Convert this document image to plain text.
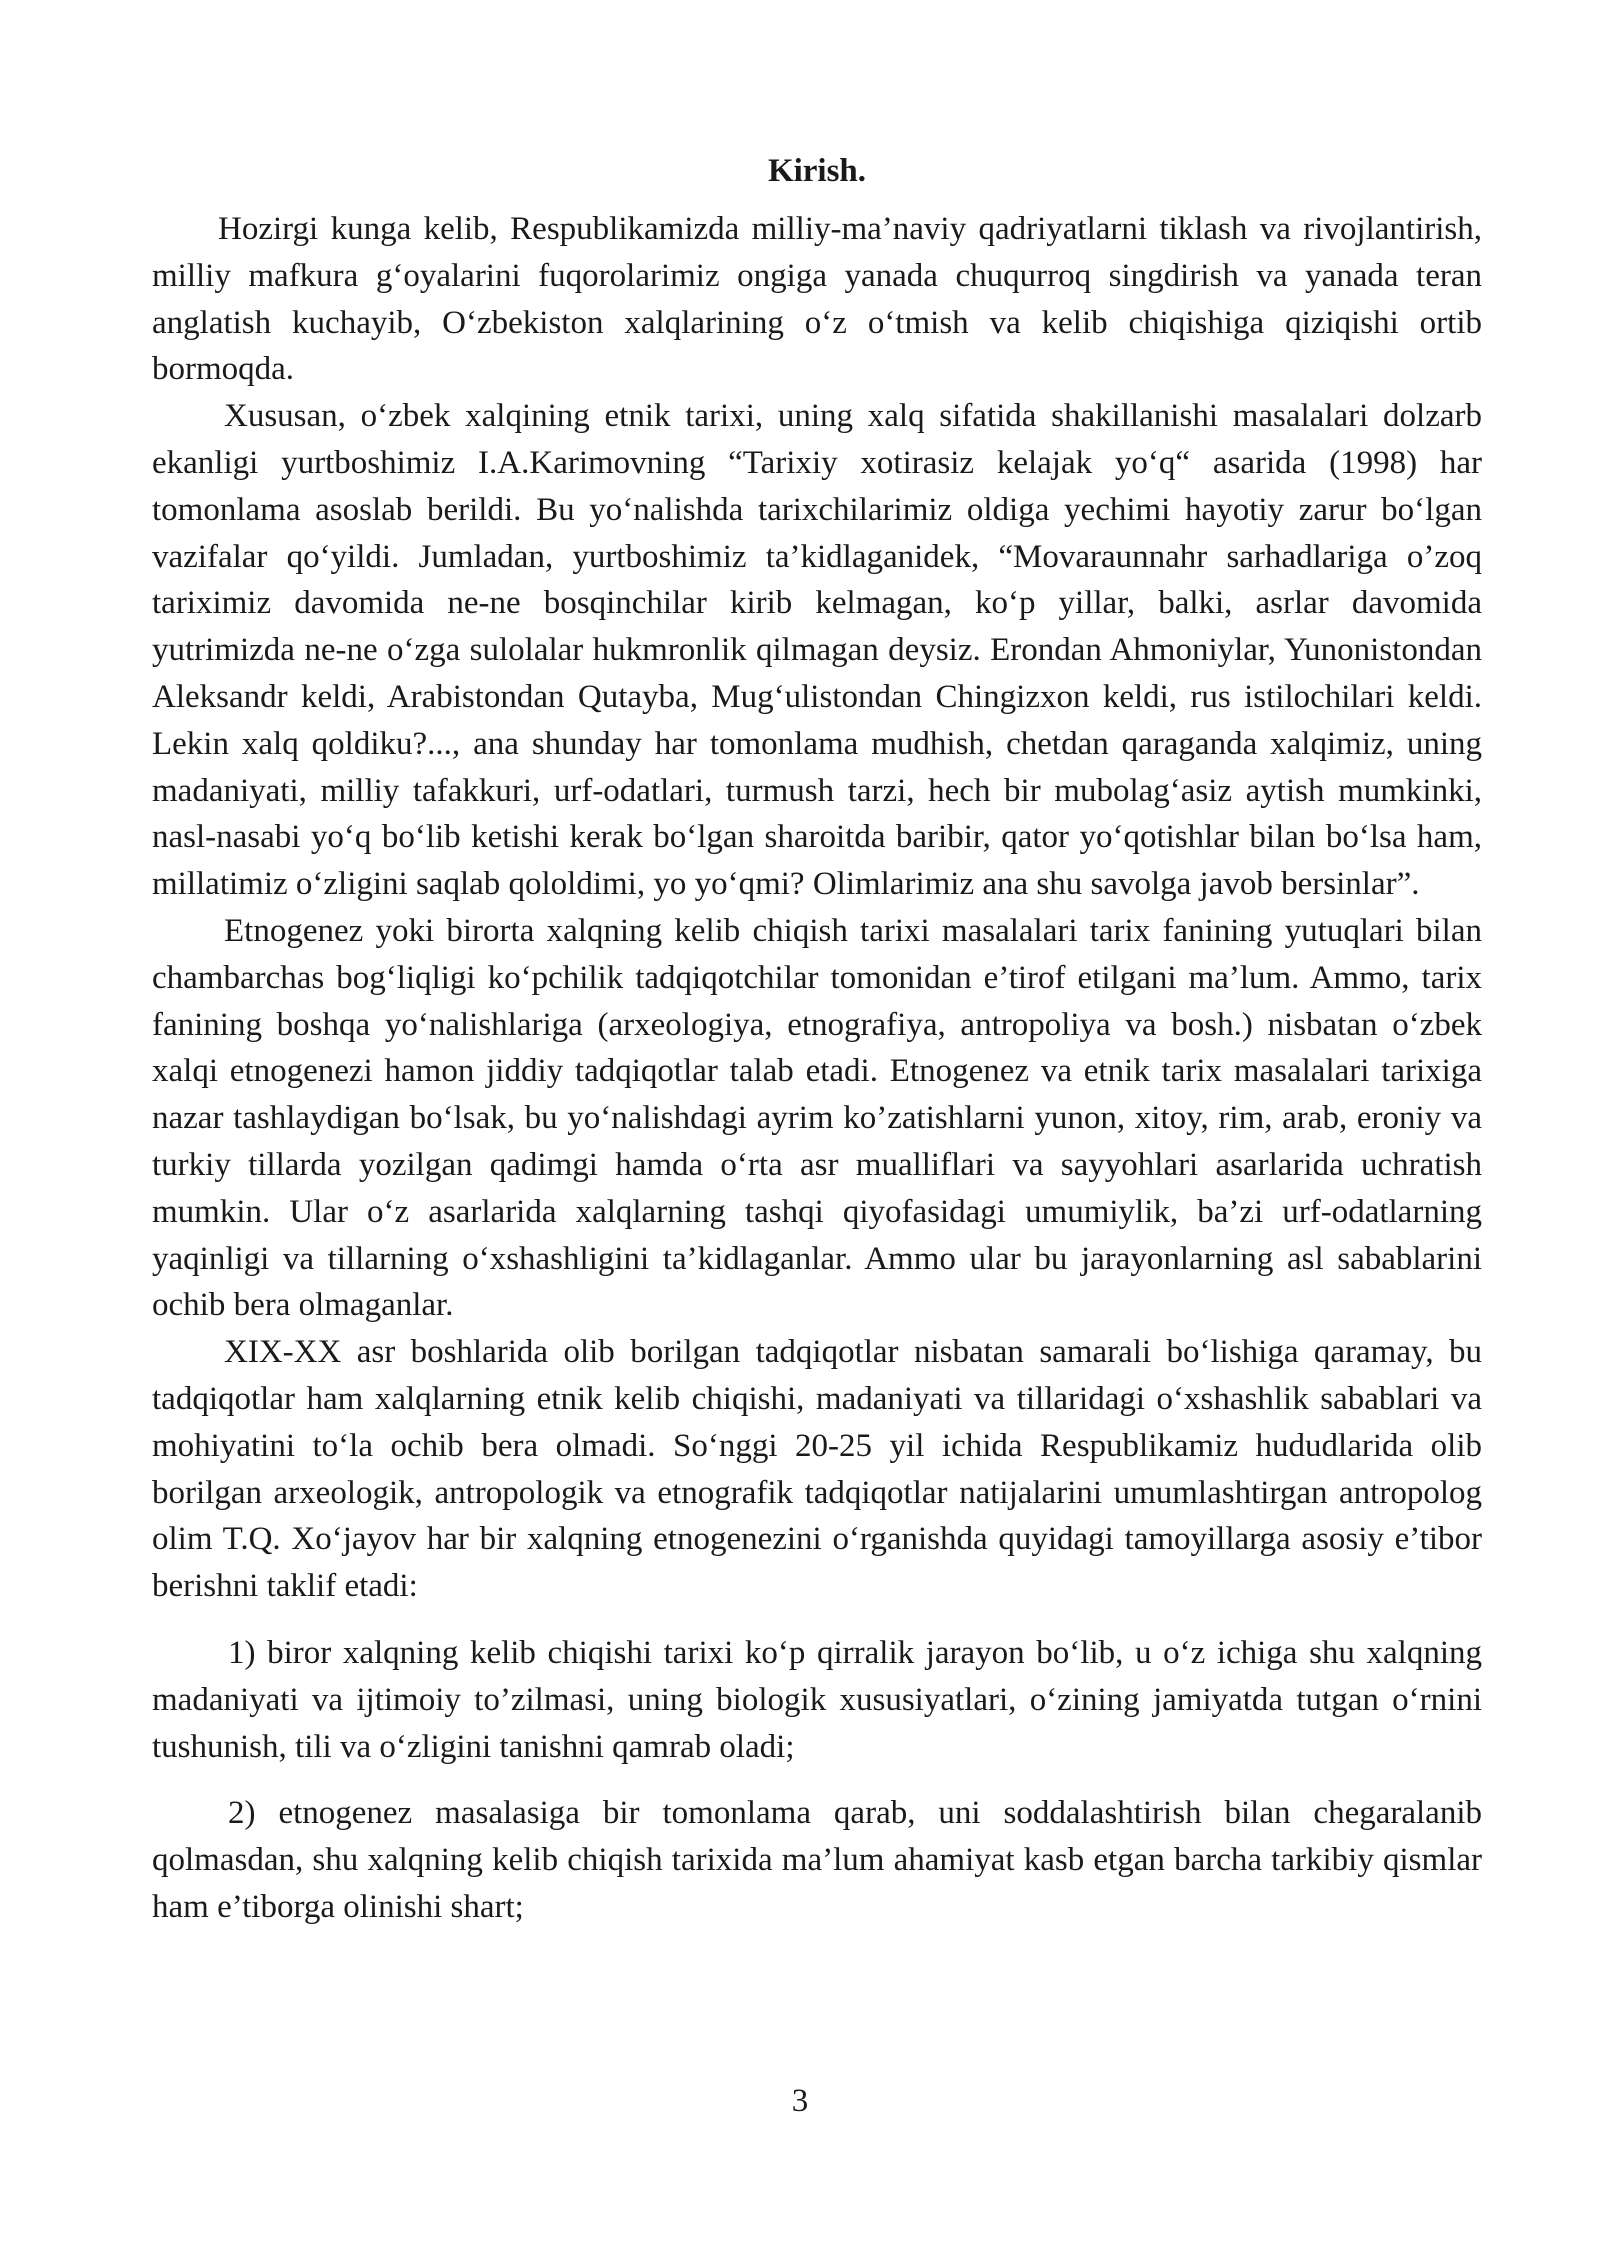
Kirish.

Hozirgi kunga kelib, Respublikamizda milliy-ma’naviy qadriyatlarni tiklash va rivojlantirish, milliy mafkura g‘oyalarini fuqorolarimiz ongiga yanada chuqurroq singdirish va yanada teran anglatish kuchayib, O‘zbekiston xalqlarining o‘z o‘tmish va kelib chiqishiga qiziqishi ortib bormoqda.

Xususan, o‘zbek xalqining etnik tarixi, uning xalq sifatida shakillanishi masalalari dolzarb ekanligi yurtboshimiz I.A.Karimovning “Tarixiy xotirasiz kelajak yo‘q“ asarida (1998) har tomonlama asoslab berildi. Bu yo‘nalishda tarixchilarimiz oldiga yechimi hayotiy zarur bo‘lgan vazifalar qo‘yildi. Jumladan, yurtboshimiz ta’kidlaganidek, “Movaraunnahr sarhadlariga o’zoq tariximiz davomida ne-ne bosqinchilar kirib kelmagan, ko‘p yillar, balki, asrlar davomida yutrimizda ne-ne o‘zga sulolalar hukmronlik qilmagan deysiz. Erondan Ahmoniylar, Yunonistondan Aleksandr keldi, Arabistondan Qutayba, Mug‘ulistondan Chingizxon keldi, rus istilochilari keldi. Lekin xalq qoldiku?..., ana shunday har tomonlama mudhish, chetdan qaraganda xalqimiz, uning madaniyati, milliy tafakkuri, urf-odatlari, turmush tarzi, hech bir mubolag‘asiz aytish mumkinki, nasl-nasabi yo‘q bo‘lib ketishi kerak bo‘lgan sharoitda baribir, qator yo‘qotishlar bilan bo‘lsa ham, millatimiz o‘zligini saqlab qololdimi, yo yo‘qmi? Olimlarimiz ana shu savolga javob bersinlar”.

Etnogenez yoki birorta xalqning kelib chiqish tarixi masalalari tarix fanining yutuqlari bilan chambarchas bog‘liqligi ko‘pchilik tadqiqotchilar tomonidan e’tirof etilgani ma’lum. Ammo, tarix fanining boshqa yo‘nalishlariga (arxeologiya, etnografiya, antropoliya va bosh.) nisbatan o‘zbek xalqi etnogenezi hamon jiddiy tadqiqotlar talab etadi. Etnogenez va etnik tarix masalalari tarixiga nazar tashlaydigan bo‘lsak, bu yo‘nalishdagi ayrim ko’zatishlarni yunon, xitoy, rim, arab, eroniy va turkiy tillarda yozilgan qadimgi hamda o‘rta asr mualliflari va sayyohlari asarlarida uchratish mumkin. Ular o‘z asarlarida xalqlarning tashqi qiyofasidagi umumiylik, ba’zi urf-odatlarning yaqinligi va tillarning o‘xshashligini ta’kidlaganlar. Ammo ular bu jarayonlarning asl sabablarini ochib bera olmaganlar.

XIX-XX asr boshlarida olib borilgan tadqiqotlar nisbatan samarali bo‘lishiga qaramay, bu tadqiqotlar ham xalqlarning etnik kelib chiqishi, madaniyati va tillaridagi o‘xshashlik sabablari va mohiyatini to‘la ochib bera olmadi. So‘nggi 20-25 yil ichida Respublikamiz hududlarida olib borilgan arxeologik, antropologik va etnografik tadqiqotlar natijalarini umumlashtirgan antropolog olim T.Q. Xo‘jayov har bir xalqning etnogenezini o‘rganishda quyidagi tamoyillarga asosiy e’tibor berishni taklif etadi:

1) biror xalqning kelib chiqishi tarixi ko‘p qirralik jarayon bo‘lib, u o‘z ichiga shu xalqning madaniyati va ijtimoiy to’zilmasi, uning biologik xususiyatlari, o‘zining jamiyatda tutgan o‘rnini tushunish, tili va o‘zligini tanishni qamrab oladi;

2) etnogenez masalasiga bir tomonlama qarab, uni soddalashtirish bilan chegaralanib qolmasdan, shu xalqning kelib chiqish tarixida ma’lum ahamiyat kasb etgan barcha tarkibiy qismlar ham e’tiborga olinishi shart;

3
